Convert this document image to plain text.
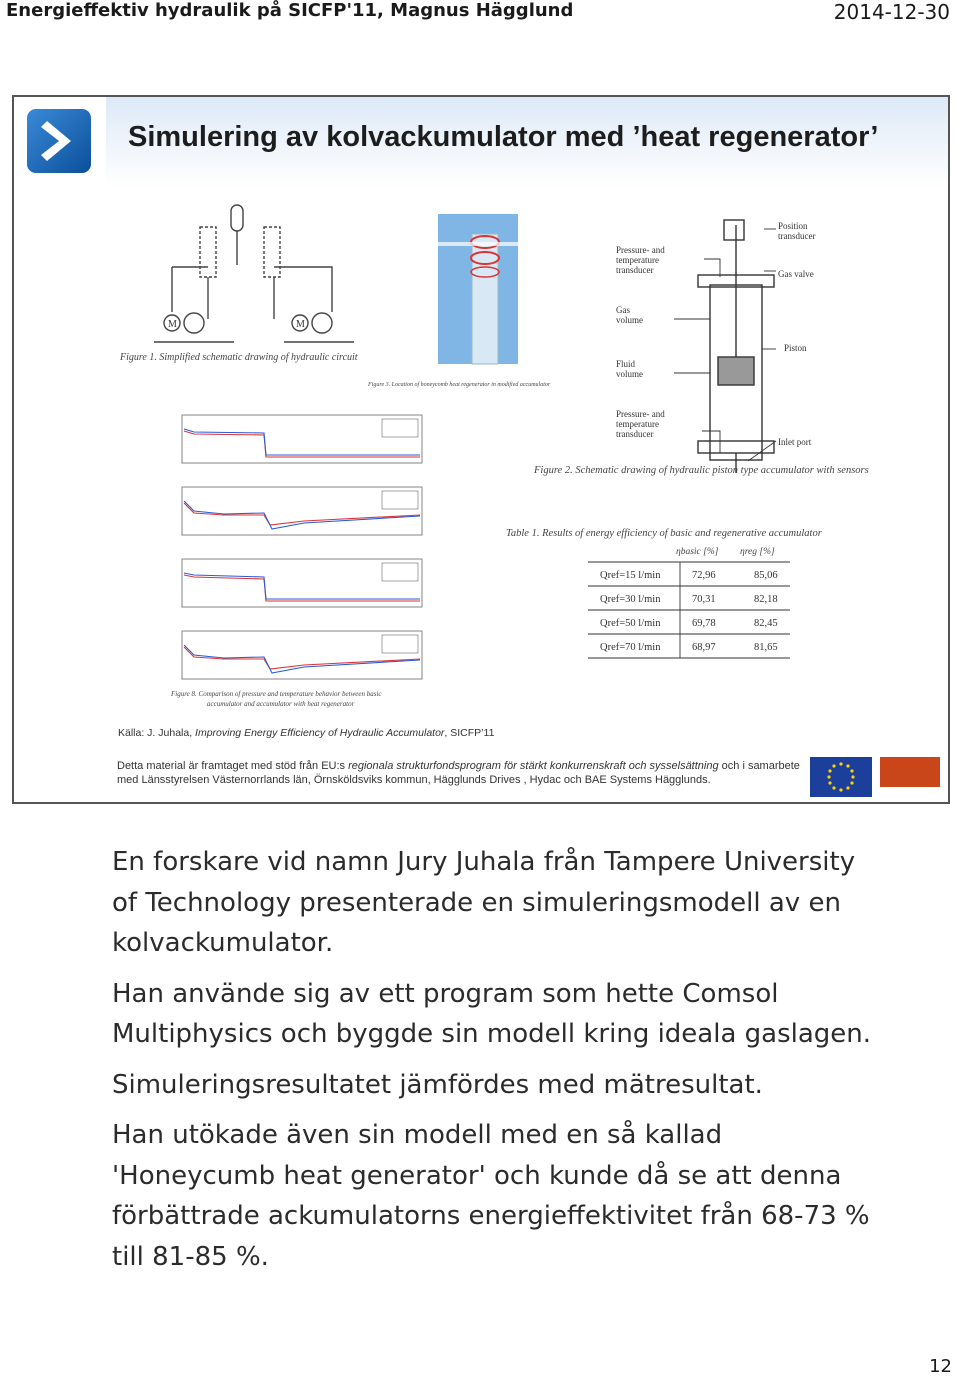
Energieffektiv hydraulik på SICFP'11, Magnus Hägglund	2014-12-30
Simulering av kolvackumulator med ’heat regenerator’
M	M
Figure 1. Simplified schematic drawing of hydraulic circuit
Figure 3. Location of honeycomb heat regenerator in modified accumulator
Position
transducer
Pressure- and
temperature
transducer	Gas valve
Gas
volume
Piston
Fluid
volume
Pressure- and
temperature
transducer
Inlet port
Figure 2. Schematic drawing of hydraulic piston type accumulator with sensors
Figure 8. Comparison of pressure and temperature behavior between basic
accumulator and accumulator with heat regenerator
Table 1. Results of energy efficiency of basic and regenerative accumulator
ηbasic [%] ηreg [%]
Qref=15 l/min	72,96	85,06
Qref=30 l/min	70,31	82,18
Qref=50 l/min	69,78	82,45
Qref=70 l/min	68,97	81,65
Källa: J. Juhala, Improving Energy Efficiency of Hydraulic Accumulator, SICFP’11
Detta material är framtaget med stöd från EU:s regionala strukturfondsprogram för stärkt konkurrenskraft och sysselsättning och i samarbete med Länsstyrelsen Västernorrlands län, Örnsköldsviks kommun, Hägglunds Drives , Hydac och BAE Systems Hägglunds.

En forskare vid namn Jury Juhala från Tampere University of Technology presenterade en simuleringsmodell av en kolvackumulator.

Han använde sig av ett program som hette Comsol Multiphysics och byggde sin modell kring ideala gaslagen.

Simuleringsresultatet jämfördes med mätresultat.

Han utökade även sin modell med en så kallad 'Honeycumb heat generator' och kunde då se att denna förbättrade ackumulatorns energieffektivitet från 68-73 % till 81-85 %.

12
